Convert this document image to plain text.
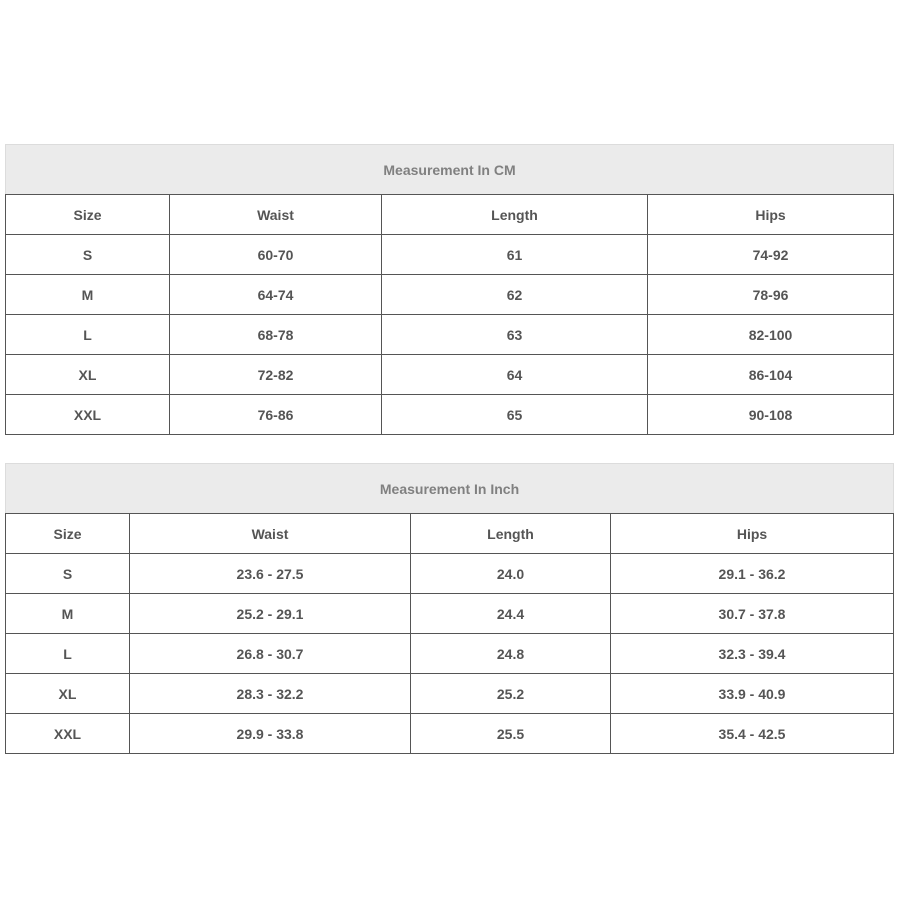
Measurement In CM			
Size	Waist	Length	Hips
S	60-70	61	74-92
M	64-74	62	78-96
L	68-78	63	82-100
XL	72-82	64	86-104
XXL	76-86	65	90-108
Measurement In Inch			
Size	Waist	Length	Hips
S	23.6 - 27.5	24.0	29.1 - 36.2
M	25.2 - 29.1	24.4	30.7 - 37.8
L	26.8 - 30.7	24.8	32.3 - 39.4
XL	28.3 - 32.2	25.2	33.9 - 40.9
XXL	29.9 - 33.8	25.5	35.4 - 42.5
